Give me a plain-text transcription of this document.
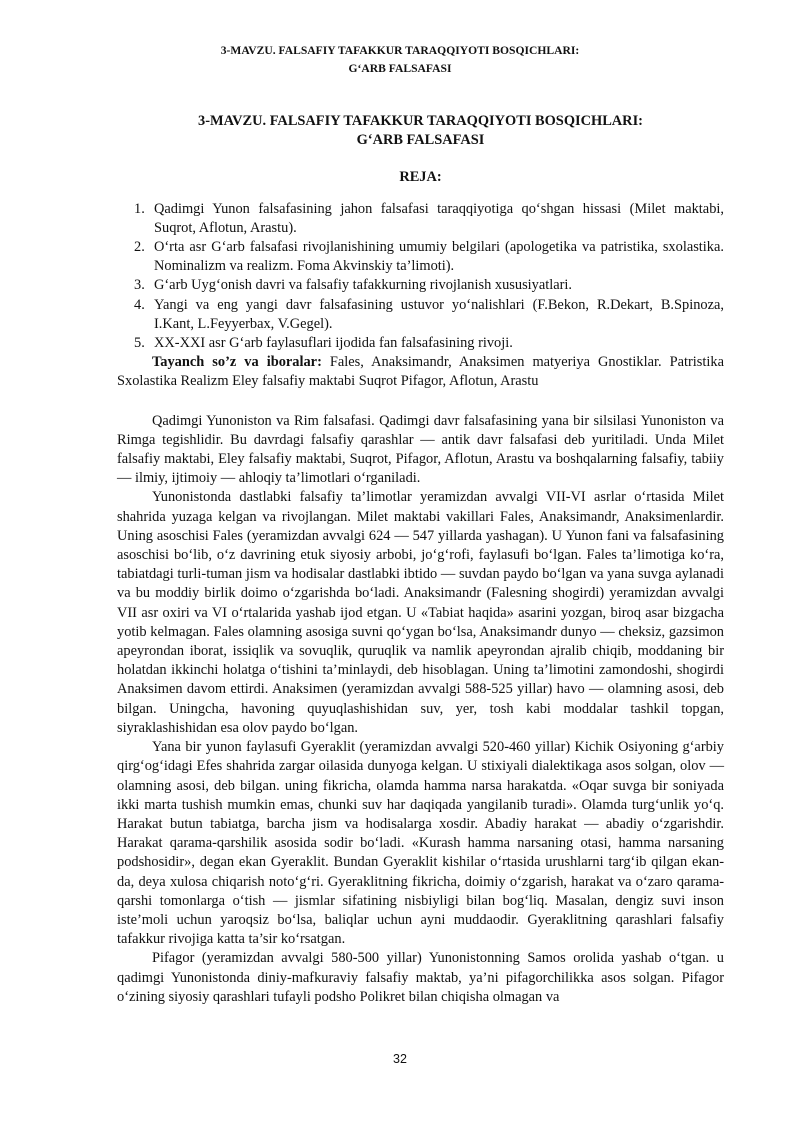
3-MAVZU. FALSAFIY TAFAKKUR TARAQQIYOTI BOSQICHLARI:
G‘ARB FALSAFASI
3-MAVZU. FALSAFIY TAFAKKUR TARAQQIYOTI BOSQICHLARI:
G‘ARB FALSAFASI
REJA:
1. Qadimgi Yunon falsafasining jahon falsafasi taraqqiyotiga qo‘shgan hissasi (Milet maktabi, Suqrot, Aflotun, Arastu).
2. O‘rta asr G‘arb falsafasi rivojlanishining umumiy belgilari (apologetika va patristika, sxolastika. Nominalizm va realizm. Foma Akvinskiy ta’limoti).
3. G‘arb Uyg‘onish davri va falsafiy tafakkurning rivojlanish xususiyatlari.
4. Yangi va eng yangi davr falsafasining ustuvor yo‘nalishlari (F.Bekon, R.Dekart, B.Spinoza, I.Kant, L.Feyyerbax, V.Gegel).
5. XX-XXI asr G‘arb faylasuflari ijodida fan falsafasining rivoji.

Tayanch so’z va iboralar: Fales, Anaksimandr, Anaksimen matyeriya Gnostiklar. Patristika Sxolastika Realizm Eley falsafiy maktabi Suqrot Pifagor, Aflotun, Arastu

Qadimgi Yunoniston va Rim falsafasi. Qadimgi davr falsafasining yana bir silsilasi Yunoniston va Rimga tegishlidir. Bu davrdagi falsafiy qarashlar — antik davr falsafasi deb yuritiladi. Unda Milet falsafiy maktabi, Eley falsafiy maktabi, Suqrot, Pifagor, Aflotun, Arastu va boshqalarning falsafiy, tabiiy — ilmiy, ijtimoiy — ahloqiy ta’limotlari o‘rganiladi.

Yunonistonda dastlabki falsafiy ta’limotlar yeramizdan avvalgi VII-VI asrlar o‘rtasida Milet shahrida yuzaga kelgan va rivojlangan. Milet maktabi vakillari Fales, Anaksimandr, Anaksimenlardir. Uning asoschisi Fales (yeramizdan avvalgi 624 — 547 yillarda yashagan). U Yunon fani va falsafasining asoschisi bo‘lib, o‘z davrining etuk siyosiy arbobi, jo‘g‘rofi, faylasufi bo‘lgan. Fales ta’limotiga ko‘ra, tabiatdagi turli-tuman jism va hodisalar dastlabki ibtido — suvdan paydo bo‘lgan va yana suvga aylanadi va bu moddiy birlik doimo o‘zgarishda bo‘ladi. Anaksimandr (Falesning shogirdi) yeramizdan avvalgi VII asr oxiri va VI o‘rtalarida yashab ijod etgan. U «Tabiat haqida» asarini yozgan, biroq asar bizgacha yotib kelmagan. Fales olamning asosiga suvni qo‘ygan bo‘lsa, Anaksimandr dunyo — cheksiz, gazsimon apeyrondan iborat, issiqlik va sovuqlik, quruqlik va namlik apeyrondan ajralib chiqib, moddaning bir holatdan ikkinchi holatga o‘tishini ta’minlaydi, deb hisoblagan. Uning ta’limotini zamondoshi, shogirdi Anaksimen davom ettirdi. Anaksimen (yeramizdan avvalgi 588-525 yillar) havo — olamning asosi, deb bilgan. Uningcha, havoning quyuqlashishidan suv, yer, tosh kabi moddalar tashkil topgan, siyraklashishidan esa olov paydo bo‘lgan.

Yana bir yunon faylasufi Gyeraklit (yeramizdan avvalgi 520-460 yillar) Kichik Osiyoning g‘arbiy qirg‘og‘idagi Efes shahrida zargar oilasida dunyoga kelgan. U stixiyali dialektikaga asos solgan, olov — olamning asosi, deb bilgan. uning fikricha, olamda hamma narsa harakatda. «Oqar suvga bir soniyada ikki marta tushish mumkin emas, chunki suv har daqiqada yangilanib turadi». Olamda turg‘unlik yo‘q. Harakat butun tabiatga, barcha jism va hodisalarga xosdir. Abadiy harakat — abadiy o‘zgarishdir. Harakat qarama-qarshilik asosida sodir bo‘ladi. «Kurash hamma narsaning otasi, hamma narsaning podshosidir», degan ekan Gyeraklit. Bundan Gyeraklit kishilar o‘rtasida urushlarni targ‘ib qilgan ekan-da, deya xulosa chiqarish noto‘g‘ri. Gyeraklitning fikricha, doimiy o‘zgarish, harakat va o‘zaro qarama-qarshi tomonlarga o‘tish — jismlar sifatining nisbiyligi bilan bog‘liq. Masalan, dengiz suvi inson iste’moli uchun yaroqsiz bo‘lsa, baliqlar uchun ayni muddaodir. Gyeraklitning qarashlari falsafiy tafakkur rivojiga katta ta’sir ko‘rsatgan.

Pifagor (yeramizdan avvalgi 580-500 yillar) Yunonistonning Samos orolida yashab o‘tgan. u qadimgi Yunonistonda diniy-mafkuraviy falsafiy maktab, ya’ni pifagorchilikka asos solgan. Pifagor o‘zining siyosiy qarashlari tufayli podsho Polikret bilan chiqisha olmagan va

32
